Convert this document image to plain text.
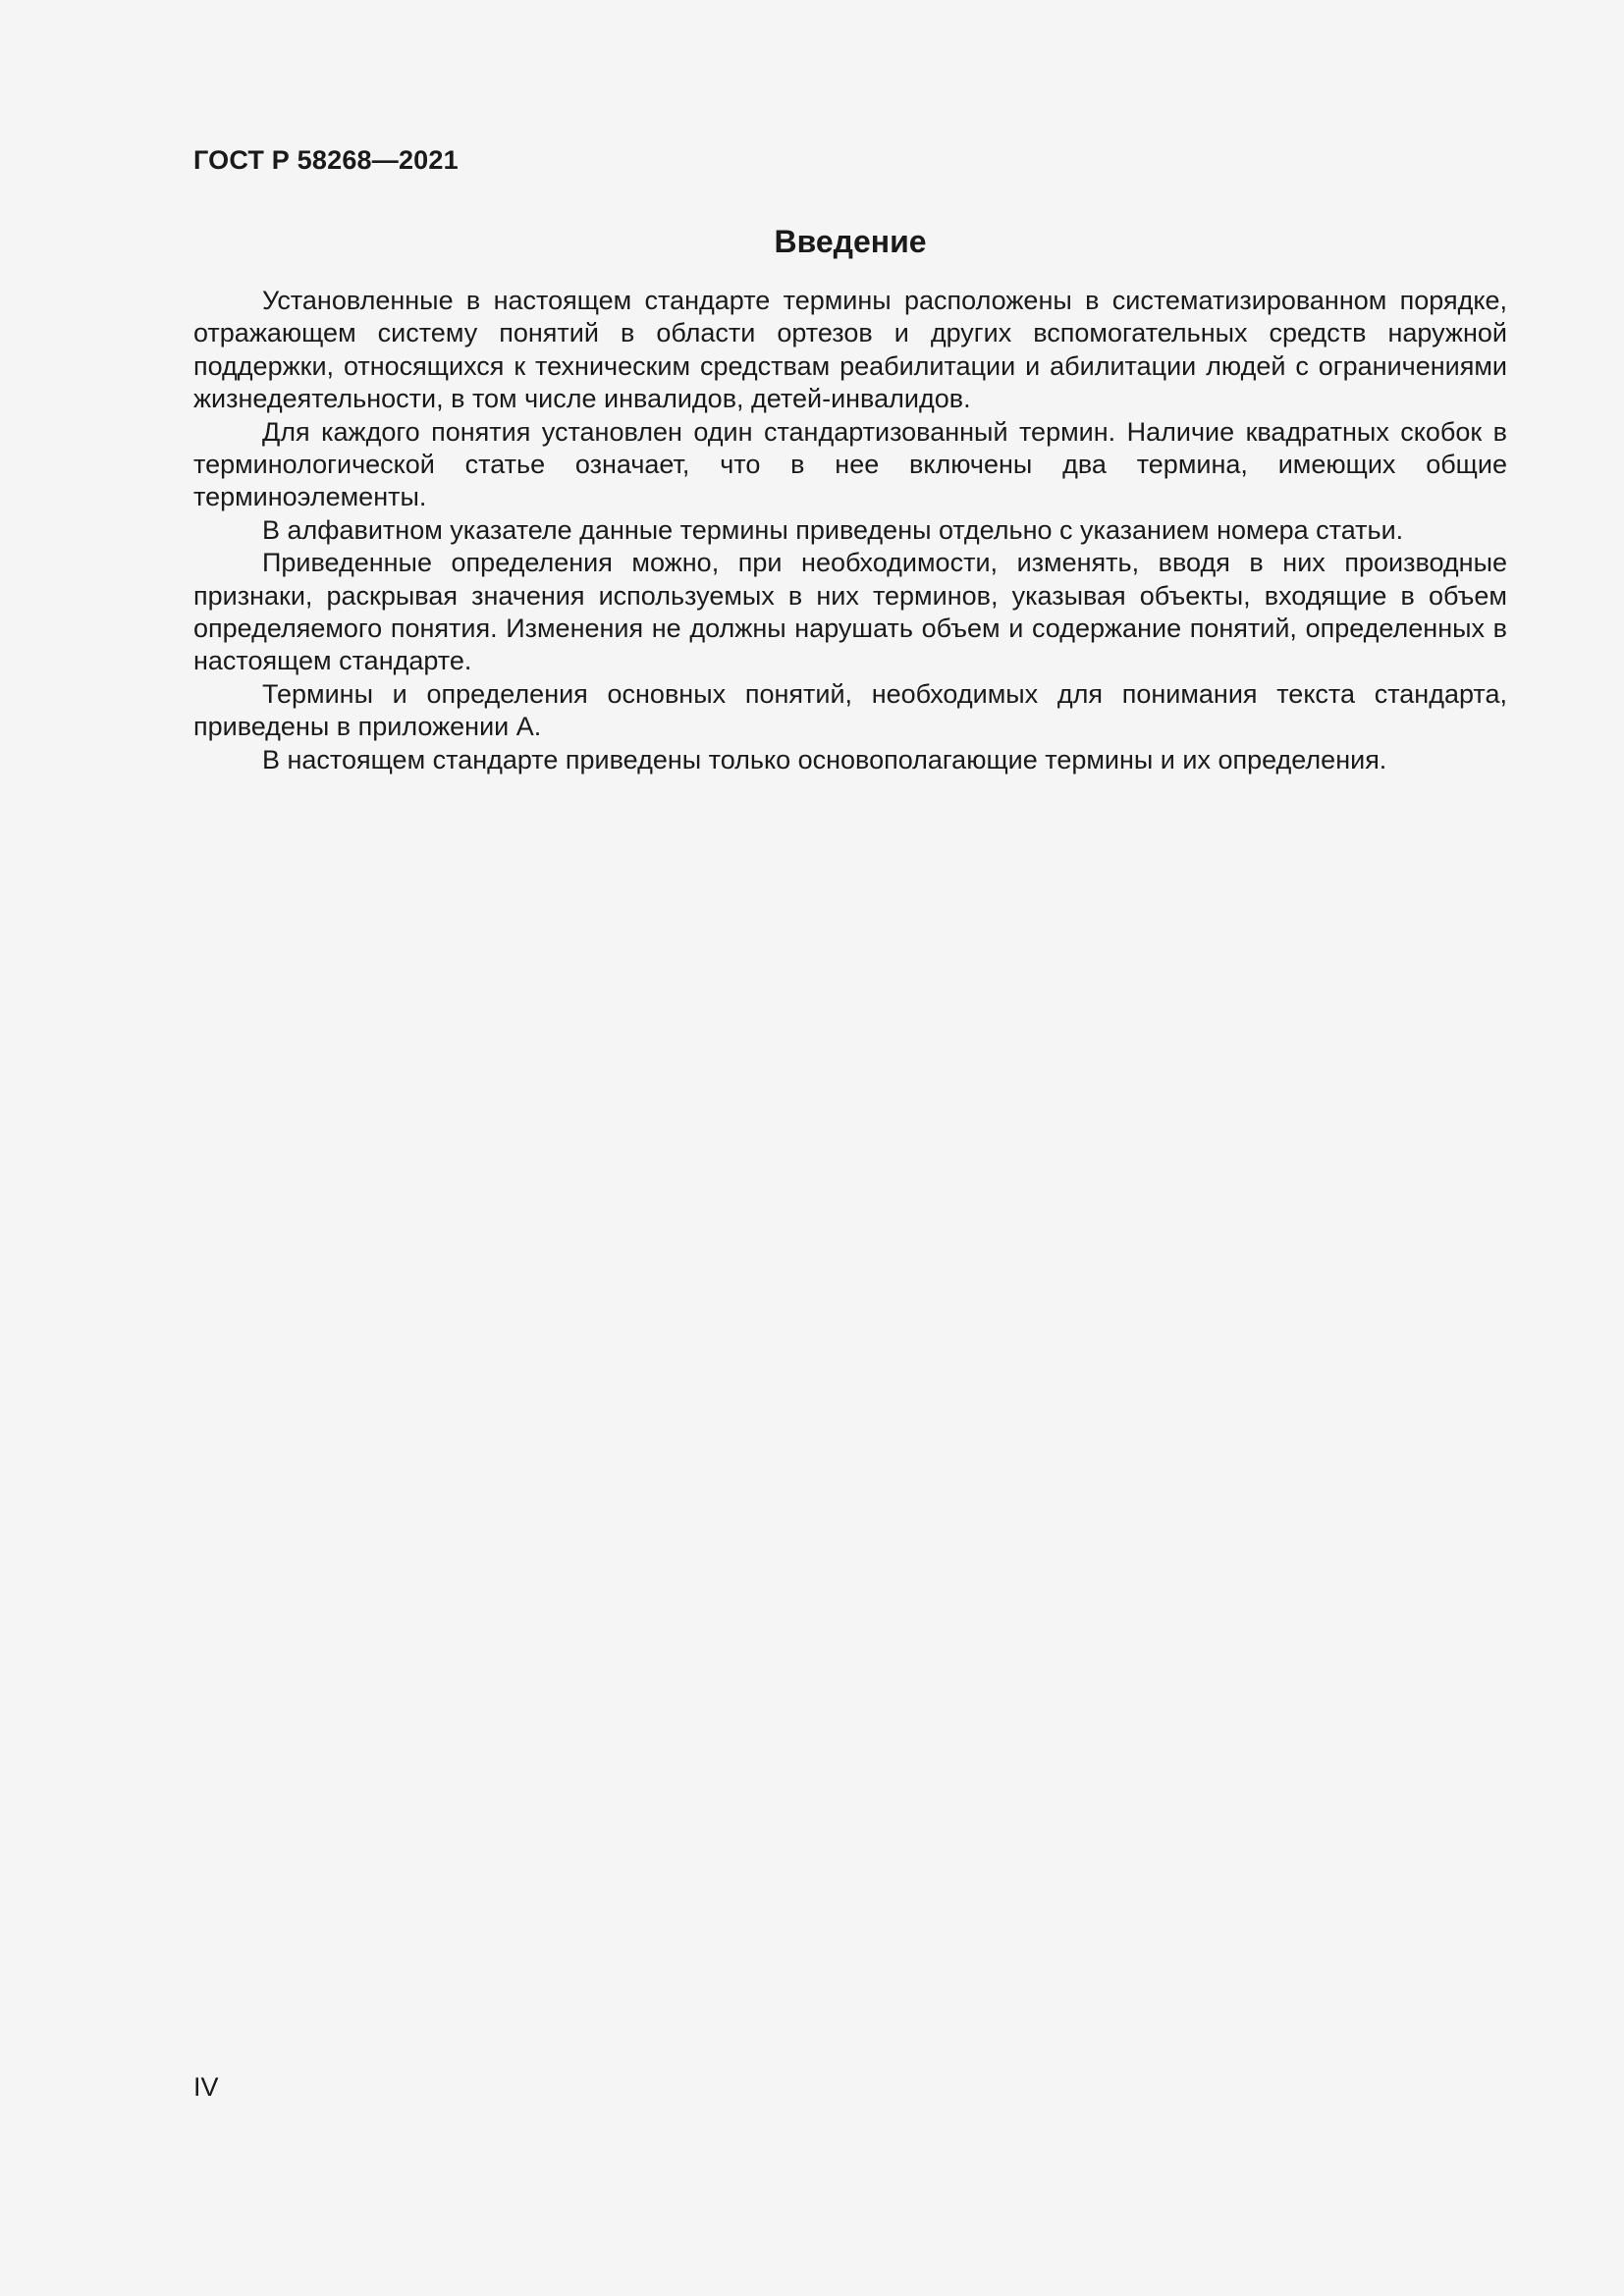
ГОСТ Р 58268—2021
Введение

Установленные в настоящем стандарте термины расположены в систематизированном порядке, отражающем систему понятий в области ортезов и других вспомогательных средств наружной поддержки, относящихся к техническим средствам реабилитации и абилитации людей с ограничениями жизнедеятельности, в том числе инвалидов, детей-инвалидов.

Для каждого понятия установлен один стандартизованный термин. Наличие квадратных скобок в терминологической статье означает, что в нее включены два термина, имеющих общие терминоэлементы.

В алфавитном указателе данные термины приведены отдельно с указанием номера статьи.

Приведенные определения можно, при необходимости, изменять, вводя в них производные признаки, раскрывая значения используемых в них терминов, указывая объекты, входящие в объем определяемого понятия. Изменения не должны нарушать объем и содержание понятий, определенных в настоящем стандарте.

Термины и определения основных понятий, необходимых для понимания текста стандарта, приведены в приложении А.

В настоящем стандарте приведены только основополагающие термины и их определения.

IV
